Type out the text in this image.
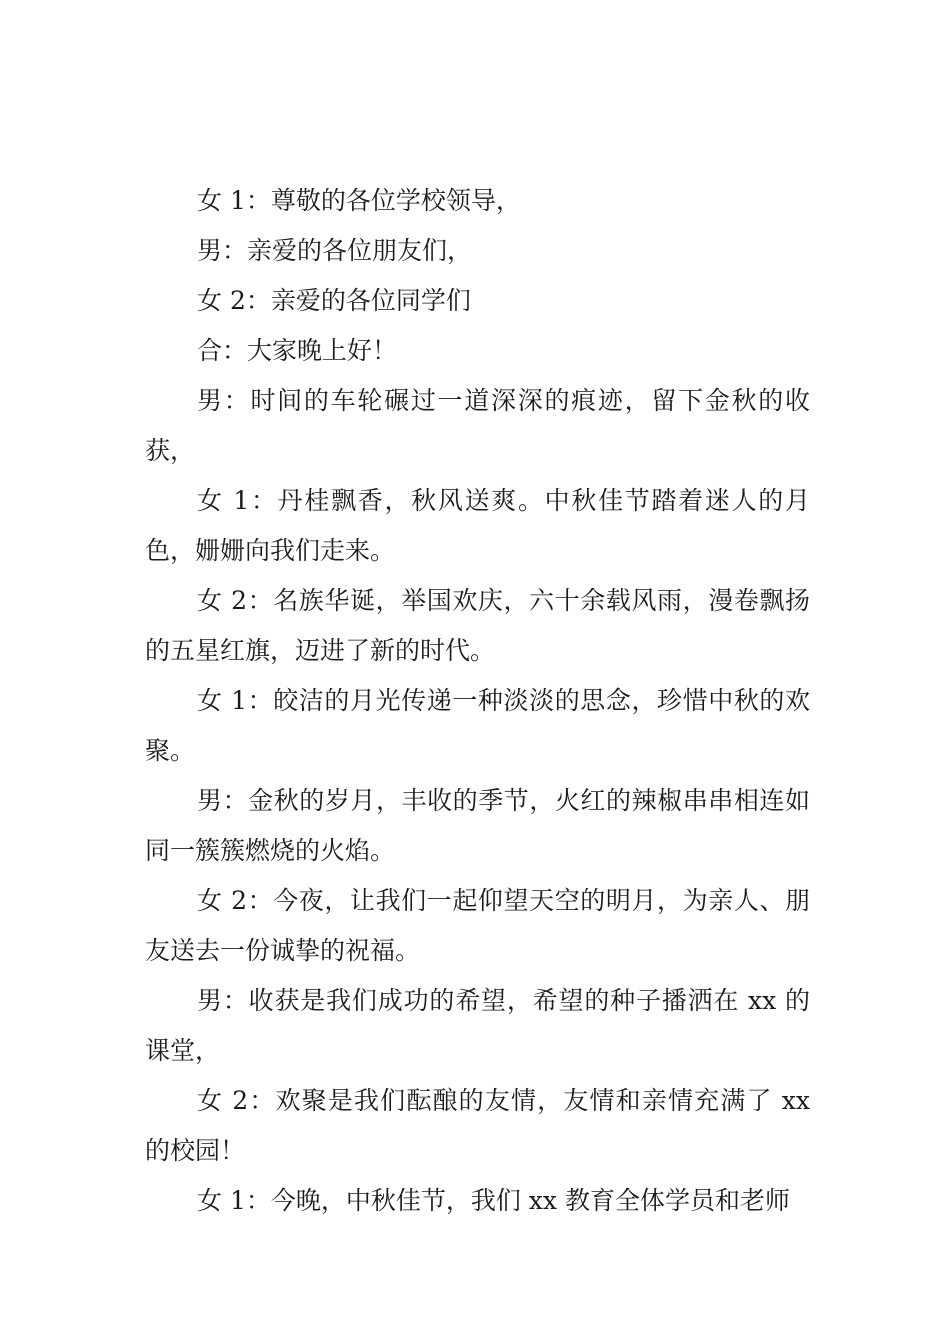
女 1：尊敬的各位学校领导，

男：亲爱的各位朋友们，

女 2：亲爱的各位同学们

合：大家晚上好！

男：时间的车轮碾过一道深深的痕迹，留下金秋的收获，

女 1：丹桂飘香，秋风送爽。中秋佳节踏着迷人的月色，姗姗向我们走来。

女 2：名族华诞，举国欢庆，六十余载风雨，漫卷飘扬的五星红旗，迈进了新的时代。

女 1：皎洁的月光传递一种淡淡的思念，珍惜中秋的欢聚。

男：金秋的岁月，丰收的季节，火红的辣椒串串相连如同一簇簇燃烧的火焰。

女 2：今夜，让我们一起仰望天空的明月，为亲人、朋友送去一份诚挚的祝福。

男：收获是我们成功的希望，希望的种子播洒在 xx 的课堂，

女 2：欢聚是我们酝酿的友情，友情和亲情充满了 xx 的校园！

女 1：今晚，中秋佳节，我们 xx 教育全体学员和老师
